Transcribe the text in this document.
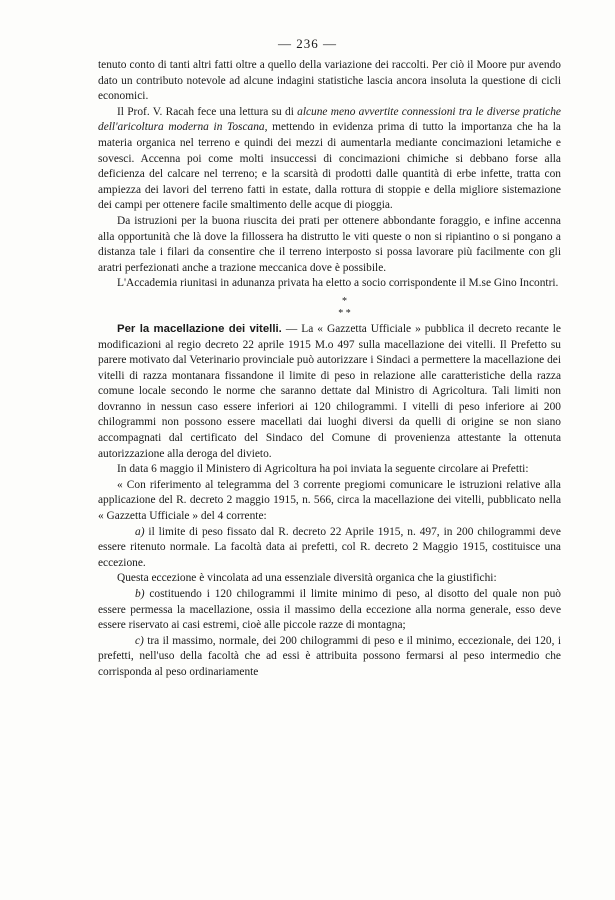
— 236 —

tenuto conto di tanti altri fatti oltre a quello della variazione dei raccolti. Per ciò il Moore pur avendo dato un contributo notevole ad alcune indagini statistiche lascia ancora insoluta la questione di cicli economici.

Il Prof. V. Racah fece una lettura su di alcune meno avvertite connessioni tra le diverse pratiche dell'aricoltura moderna in Toscana, mettendo in evidenza prima di tutto la importanza che ha la materia organica nel terreno e quindi dei mezzi di aumentarla mediante concimazioni letamiche e sovesci. Accenna poi come molti insuccessi di concimazioni chimiche si debbano forse alla deficienza del calcare nel terreno; e la scarsità di prodotti dalle quantità di erbe infette, tratta con ampiezza dei lavori del terreno fatti in estate, dalla rottura di stoppie e della migliore sistemazione dei campi per ottenere facile smaltimento delle acque di pioggia.

Da istruzioni per la buona riuscita dei prati per ottenere abbondante foraggio, e infine accenna alla opportunità che là dove la fillossera ha distrutto le viti queste o non si ripiantino o si pongano a distanza tale i filari da consentire che il terreno interposto si possa lavorare più facilmente con gli aratri perfezionati anche a trazione meccanica dove è possibile.

L'Accademia riunitasi in adunanza privata ha eletto a socio corrispondente il M.se Gino Incontri.

*
* *

Per la macellazione dei vitelli. — La « Gazzetta Ufficiale » pubblica il decreto recante le modificazioni al regio decreto 22 aprile 1915 M.o 497 sulla macellazione dei vitelli. Il Prefetto su parere motivato dal Veterinario provinciale può autorizzare i Sindaci a permettere la macellazione dei vitelli di razza montanara fissandone il limite di peso in relazione alle caratteristiche della razza comune locale secondo le norme che saranno dettate dal Ministro di Agricoltura. Tali limiti non dovranno in nessun caso essere inferiori ai 120 chilogrammi. I vitelli di peso inferiore ai 200 chilogrammi non possono essere macellati dai luoghi diversi da quelli di origine se non siano accompagnati dal certificato del Sindaco del Comune di provenienza attestante la ottenuta autorizzazione alla deroga del divieto.

In data 6 maggio il Ministero di Agricoltura ha poi inviata la seguente circolare ai Prefetti:

« Con riferimento al telegramma del 3 corrente pregiomi comunicare le istruzioni relative alla applicazione del R. decreto 2 maggio 1915, n. 566, circa la macellazione dei vitelli, pubblicato nella « Gazzetta Ufficiale » del 4 corrente:

a) il limite di peso fissato dal R. decreto 22 Aprile 1915, n. 497, in 200 chilogrammi deve essere ritenuto normale. La facoltà data ai prefetti, col R. decreto 2 Maggio 1915, costituisce una eccezione.

Questa eccezione è vincolata ad una essenziale diversità organica che la giustifichi:

b) costituendo i 120 chilogrammi il limite minimo di peso, al disotto del quale non può essere permessa la macellazione, ossia il massimo della eccezione alla norma generale, esso deve essere riservato ai casi estremi, cioè alle piccole razze di montagna;

c) tra il massimo, normale, dei 200 chilogrammi di peso e il minimo, eccezionale, dei 120, i prefetti, nell'uso della facoltà che ad essi è attribuita possono fermarsi al peso intermedio che corrisponda al peso ordinariamente
